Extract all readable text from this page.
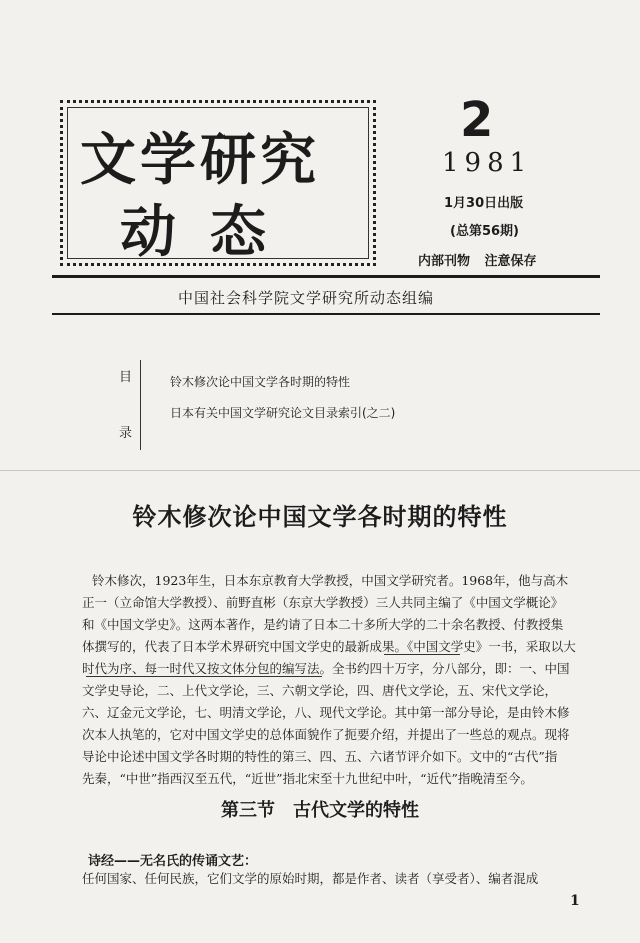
文学研究
动态
2
1981
1月30日出版
(总第56期)
内部刊物 注意保存
中国社会科学院文学研究所动态组编
目
录
铃木修次论中国文学各时期的特性
日本有关中国文学研究论文目录索引(之二)
铃木修次论中国文学各时期的特性
铃木修次，1923年生，日本东京教育大学教授，中国文学研究者。1968年，他与高木
正一（立命馆大学教授）、前野直彬（东京大学教授）三人共同主编了《中国文学概论》
和《中国文学史》。这两本著作，是约请了日本二十多所大学的二十余名教授、付教授集
体撰写的，代表了日本学术界研究中国文学史的最新成果。《中国文学史》一书，采取以大
时代为序、每一时代又按文体分包的编写法。全书约四十万字，分八部分，即：一、中国
文学史导论，二、上代文学论，三、六朝文学论，四、唐代文学论，五、宋代文学论，
六、辽金元文学论，七、明清文学论，八、现代文学论。其中第一部分导论，是由铃木修
次本人执笔的，它对中国文学史的总体面貌作了扼要介绍，并提出了一些总的观点。现将
导论中论述中国文学各时期的特性的第三、四、五、六诸节评介如下。文中的“古代”指
先秦，“中世”指西汉至五代，“近世”指北宋至十九世纪中叶，“近代”指晚清至今。
第三节　古代文学的特性
诗经——无名氏的传诵文艺：
任何国家、任何民族，它们文学的原始时期，都是作者、读者（享受者）、编者混成
1
